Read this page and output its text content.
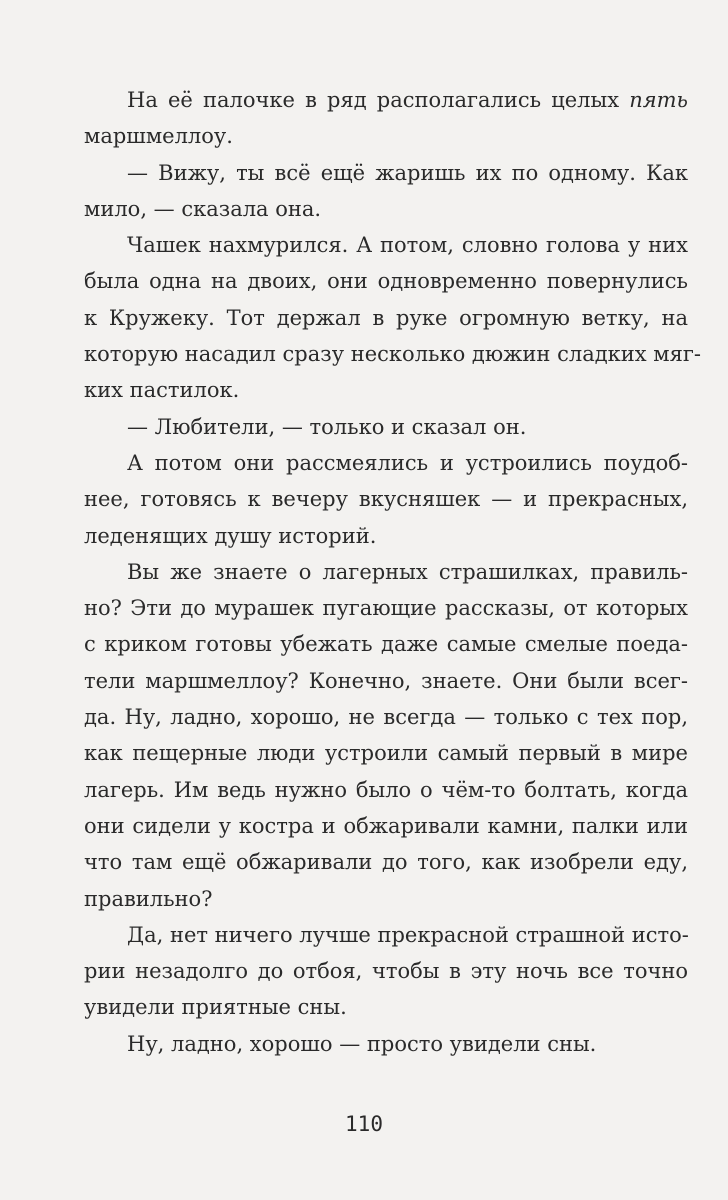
На её палочке в ряд располагались целых пять
маршмеллоу.
— Вижу, ты всё ещё жаришь их по одному. Как
мило, — сказала она.
Чашек нахмурился. А потом, словно голова у них
была одна на двоих, они одновременно повернулись
к Кружеку. Тот держал в руке огромную ветку, на
которую насадил сразу несколько дюжин сладких мяг-
ких пастилок.
— Любители, — только и сказал он.
А потом они рассмеялись и устроились поудоб-
нее, готовясь к вечеру вкусняшек — и прекрасных,
леденящих душу историй.
Вы же знаете о лагерных страшилках, правиль-
но? Эти до мурашек пугающие рассказы, от которых
с криком готовы убежать даже самые смелые поеда-
тели маршмеллоу? Конечно, знаете. Они были всег-
да. Ну, ладно, хорошо, не всегда — только с тех пор,
как пещерные люди устроили самый первый в мире
лагерь. Им ведь нужно было о чём-то болтать, когда
они сидели у костра и обжаривали камни, палки или
что там ещё обжаривали до того, как изобрели еду,
правильно?
Да, нет ничего лучше прекрасной страшной исто-
рии незадолго до отбоя, чтобы в эту ночь все точно
увидели приятные сны.
Ну, ладно, хорошо — просто увидели сны.
110
